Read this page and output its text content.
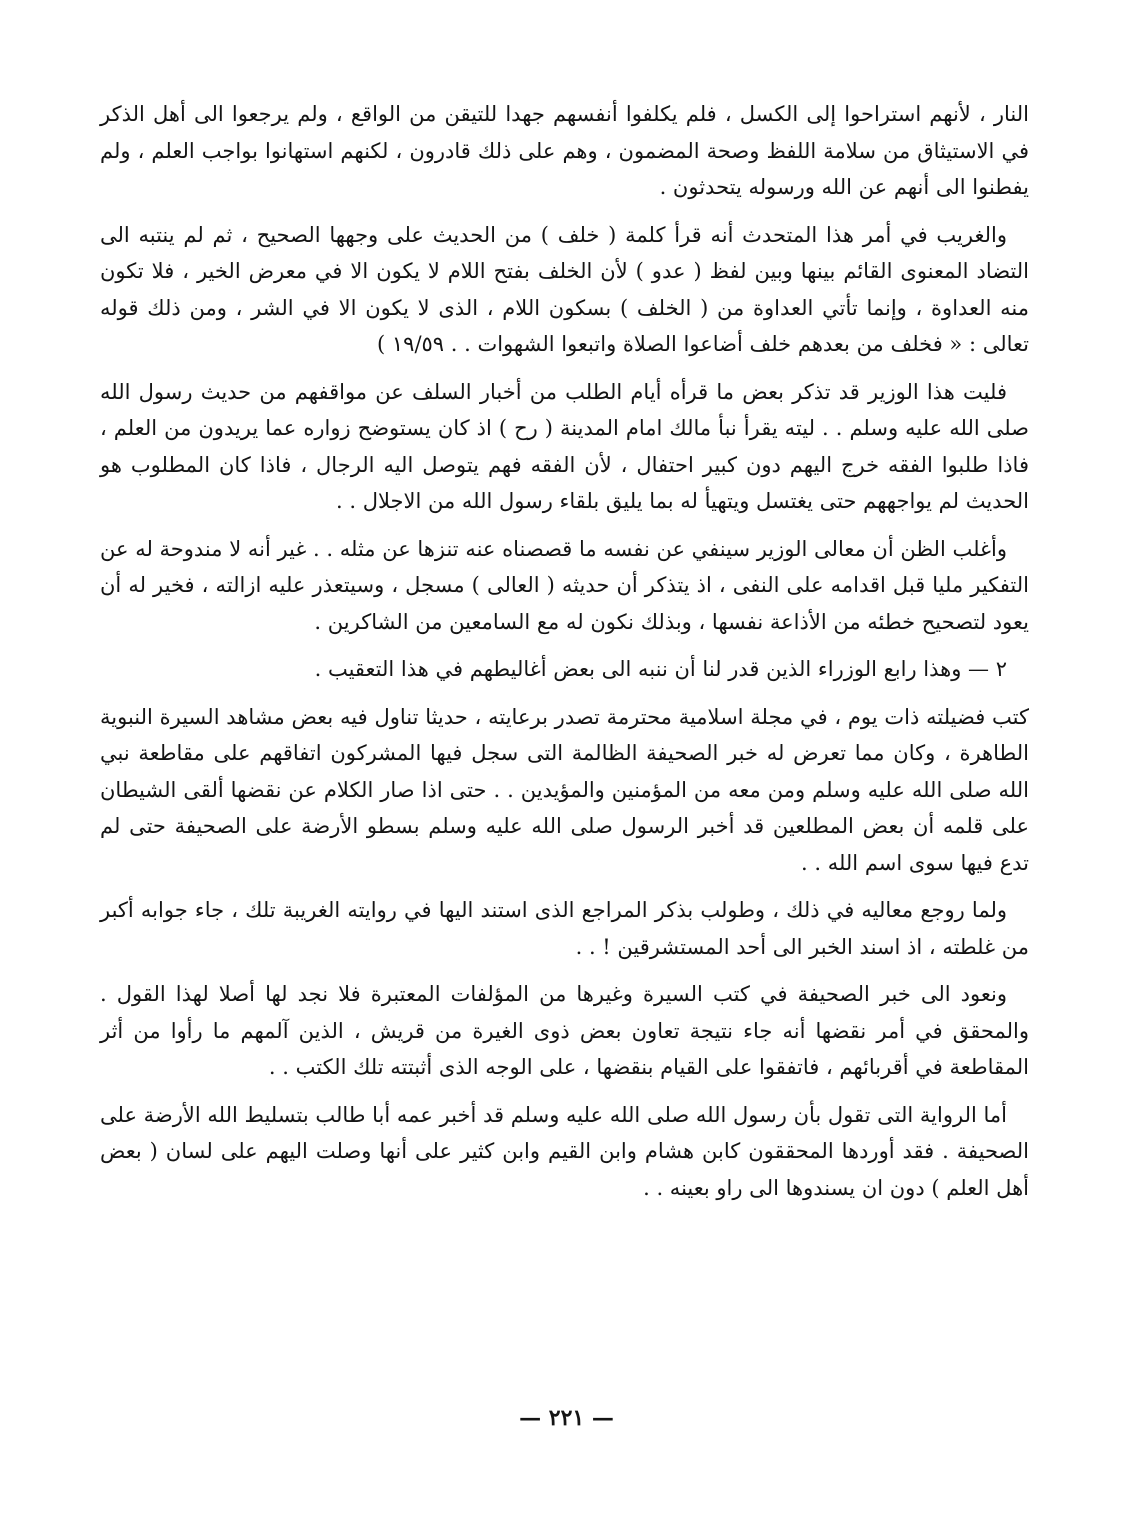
النار ، لأنهم استراحوا إلى الكسل ، فلم يكلفوا أنفسهم جهدا للتيقن من الواقع ، ولم يرجعوا الى أهل الذكر في الاستيثاق من سلامة اللفظ وصحة المضمون ، وهم على ذلك قادرون ، لكنهم استهانوا بواجب العلم ، ولم يفطنوا الى أنهم عن الله ورسوله يتحدثون .

والغريب في أمر هذا المتحدث أنه قرأ كلمة ( خلف ) من الحديث على وجهها الصحيح ، ثم لم ينتبه الى التضاد المعنوى القائم بينها وبين لفظ ( عدو ) لأن الخلف بفتح اللام لا يكون الا في معرض الخير ، فلا تكون منه العداوة ، وإنما تأتي العداوة من ( الخلف ) بسكون اللام ، الذى لا يكون الا في الشر ، ومن ذلك قوله تعالى : « فخلف من بعدهم خلف أضاعوا الصلاة واتبعوا الشهوات . . ١٩/٥٩ )

فليت هذا الوزير قد تذكر بعض ما قرأه أيام الطلب من أخبار السلف عن مواقفهم من حديث رسول الله صلى الله عليه وسلم . . ليته يقرأ نبأ مالك امام المدينة ( رح ) اذ كان يستوضح زواره عما يريدون من العلم ، فاذا طلبوا الفقه خرج اليهم دون كبير احتفال ، لأن الفقه فهم يتوصل اليه الرجال ، فاذا كان المطلوب هو الحديث لم يواجههم حتى يغتسل ويتهيأ له بما يليق بلقاء رسول الله من الاجلال . .

وأغلب الظن أن معالى الوزير سينفي عن نفسه ما قصصناه عنه تنزها عن مثله . . غير أنه لا مندوحة له عن التفكير مليا قبل اقدامه على النفى ، اذ يتذكر أن حديثه ( العالى ) مسجل ، وسيتعذر عليه ازالته ، فخير له أن يعود لتصحيح خطئه من الأذاعة نفسها ، وبذلك نكون له مع السامعين من الشاكرين .

٢ — وهذا رابع الوزراء الذين قدر لنا أن ننبه الى بعض أغاليطهم في هذا التعقيب .

كتب فضيلته ذات يوم ، في مجلة اسلامية محترمة تصدر برعايته ، حديثا تناول فيه بعض مشاهد السيرة النبوية الطاهرة ، وكان مما تعرض له خبر الصحيفة الظالمة التى سجل فيها المشركون اتفاقهم على مقاطعة نبي الله صلى الله عليه وسلم ومن معه من المؤمنين والمؤيدين . . حتى اذا صار الكلام عن نقضها ألقى الشيطان على قلمه أن بعض المطلعين قد أخبر الرسول صلى الله عليه وسلم بسطو الأرضة على الصحيفة حتى لم تدع فيها سوى اسم الله . .

ولما روجع معاليه في ذلك ، وطولب بذكر المراجع الذى استند اليها في روايته الغريبة تلك ، جاء جوابه أكبر من غلطته ، اذ اسند الخبر الى أحد المستشرقين ! . .

ونعود الى خبر الصحيفة في كتب السيرة وغيرها من المؤلفات المعتبرة فلا نجد لها أصلا لهذا القول . والمحقق في أمر نقضها أنه جاء نتيجة تعاون بعض ذوى الغيرة من قريش ، الذين آلمهم ما رأوا من أثر المقاطعة في أقربائهم ، فاتفقوا على القيام بنقضها ، على الوجه الذى أثبتته تلك الكتب . .

أما الرواية التى تقول بأن رسول الله صلى الله عليه وسلم قد أخبر عمه أبا طالب بتسليط الله الأرضة على الصحيفة . فقد أوردها المحققون كابن هشام وابن القيم وابن كثير على أنها وصلت اليهم على لسان ( بعض أهل العلم ) دون ان يسندوها الى راو بعينه . .

— ٢٢١ —
